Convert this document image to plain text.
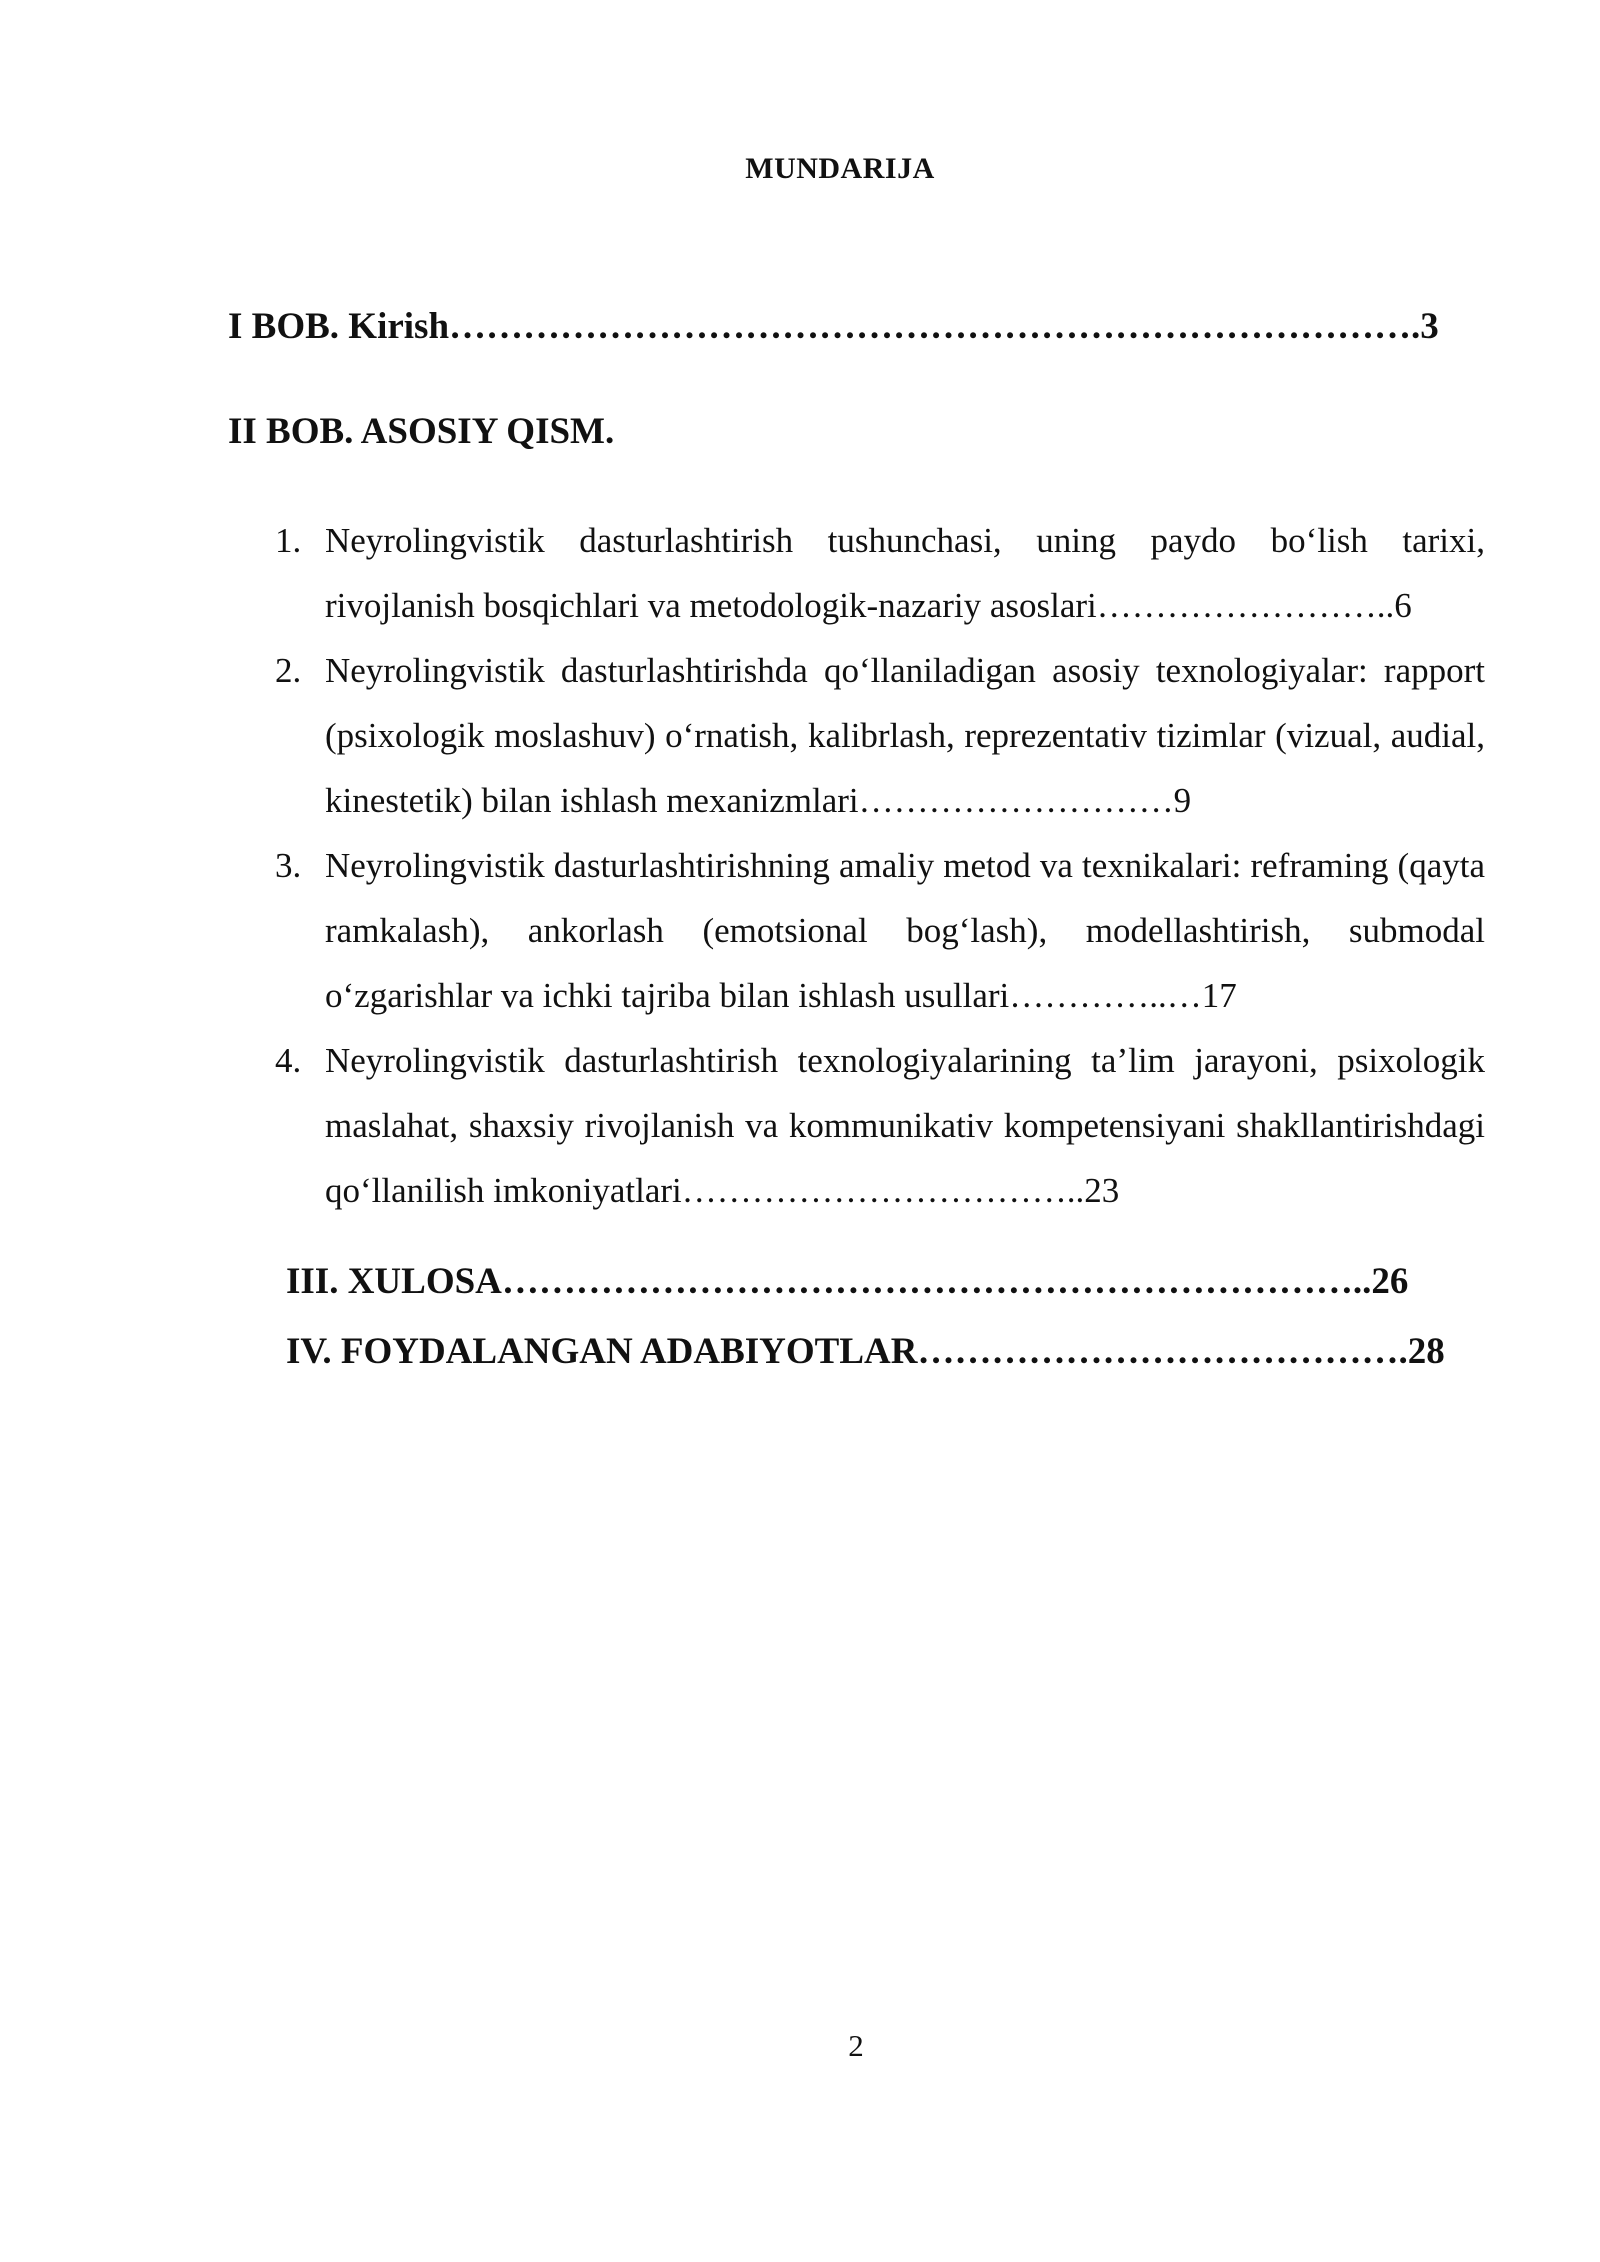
MUNDARIJA
I BOB. Kirish…………………………………………………………………….3
II BOB. ASOSIY QISM.
1. Neyrolingvistik dasturlashtirish tushunchasi, uning paydo bo‘lish tarixi, rivojlanish bosqichlari va metodologik-nazariy asoslari……………………..6
2. Neyrolingvistik dasturlashtirishda qo‘llaniladigan asosiy texnologiyalar: rapport (psixologik moslashuv) o‘rnatish, kalibrlash, reprezentativ tizimlar (vizual, audial, kinestetik) bilan ishlash mexanizmlari………………………9
3. Neyrolingvistik dasturlashtirishning amaliy metod va texnikalari: reframing (qayta ramkalash), ankorlash (emotsional bog‘lash), modellashtirish, submodal o‘zgarishlar va ichki tajriba bilan ishlash usullari…………..…17
4. Neyrolingvistik dasturlashtirish texnologiyalarining ta’lim jarayoni, psixologik maslahat, shaxsiy rivojlanish va kommunikativ kompetensiyani shakllantirishdagi qo‘llanilish imkoniyatlari……………………………..23
III. XULOSA……………………………………………………………..26
IV. FOYDALANGAN ADABIYOTLAR………………………………….28
2
